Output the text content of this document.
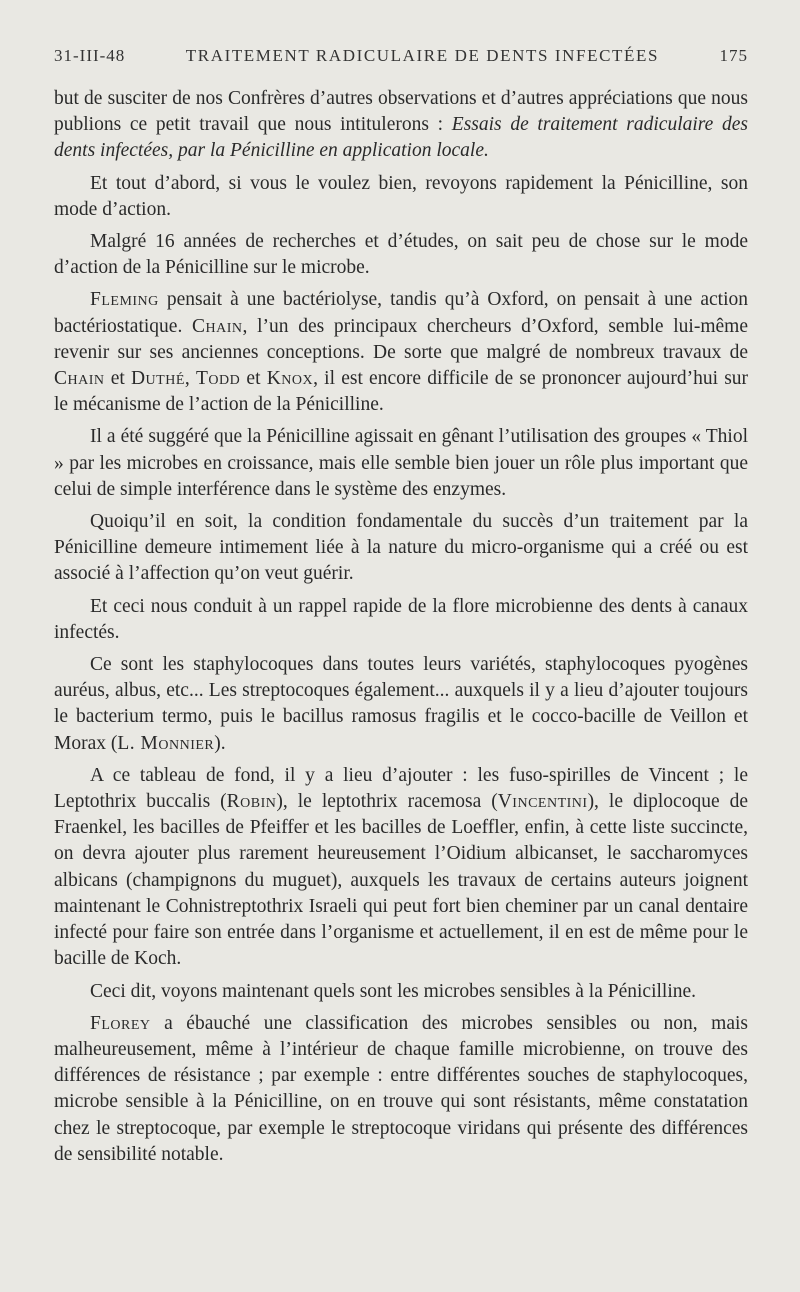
31-III-48	TRAITEMENT RADICULAIRE DE DENTS INFECTÉES	175

but de susciter de nos Confrères d’autres observations et d’autres appréciations que nous publions ce petit travail que nous intitulerons : Essais de traitement radiculaire des dents infectées, par la Pénicilline en application locale.

Et tout d’abord, si vous le voulez bien, revoyons rapidement la Pénicilline, son mode d’action.

Malgré 16 années de recherches et d’études, on sait peu de chose sur le mode d’action de la Pénicilline sur le microbe.

Fleming pensait à une bactériolyse, tandis qu’à Oxford, on pensait à une action bactériostatique. Chain, l’un des principaux chercheurs d’Oxford, semble lui-même revenir sur ses anciennes conceptions. De sorte que malgré de nombreux travaux de Chain et Duthé, Todd et Knox, il est encore difficile de se prononcer aujourd’hui sur le mécanisme de l’action de la Pénicilline.

Il a été suggéré que la Pénicilline agissait en gênant l’utilisation des groupes « Thiol » par les microbes en croissance, mais elle semble bien jouer un rôle plus important que celui de simple interférence dans le système des enzymes.

Quoiqu’il en soit, la condition fondamentale du succès d’un traitement par la Pénicilline demeure intimement liée à la nature du micro-organisme qui a créé ou est associé à l’affection qu’on veut guérir.

Et ceci nous conduit à un rappel rapide de la flore microbienne des dents à canaux infectés.

Ce sont les staphylocoques dans toutes leurs variétés, staphylocoques pyogènes auréus, albus, etc... Les streptocoques également... auxquels il y a lieu d’ajouter toujours le bacterium termo, puis le bacillus ramosus fragilis et le cocco-bacille de Veillon et Morax (L. Monnier).

A ce tableau de fond, il y a lieu d’ajouter : les fuso-spirilles de Vincent ; le Leptothrix buccalis (Robin), le leptothrix racemosa (Vincentini), le diplocoque de Fraenkel, les bacilles de Pfeiffer et les bacilles de Loeffler, enfin, à cette liste succincte, on devra ajouter plus rarement heureusement l’Oidium albicanset, le saccharomyces albicans (champignons du muguet), auxquels les travaux de certains auteurs joignent maintenant le Cohnistreptothrix Israeli qui peut fort bien cheminer par un canal dentaire infecté pour faire son entrée dans l’organisme et actuellement, il en est de même pour le bacille de Koch.

Ceci dit, voyons maintenant quels sont les microbes sensibles à la Pénicilline.

Florey a ébauché une classification des microbes sensibles ou non, mais malheureusement, même à l’intérieur de chaque famille microbienne, on trouve des différences de résistance ; par exemple : entre différentes souches de staphylocoques, microbe sensible à la Pénicilline, on en trouve qui sont résistants, même constatation chez le streptocoque, par exemple le streptocoque viridans qui présente des différences de sensibilité notable.
